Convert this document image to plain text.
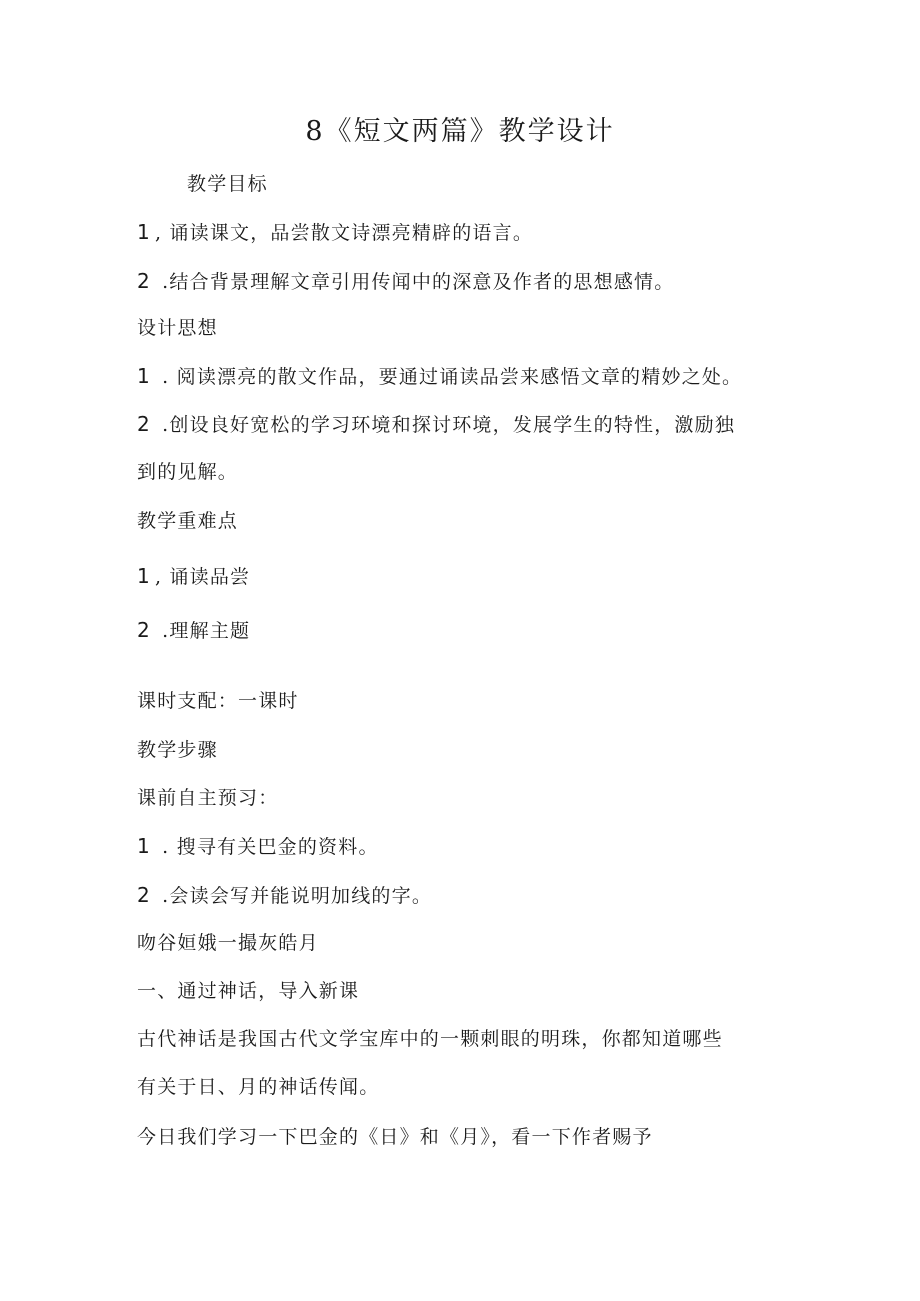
8《短文两篇》教学设计
教学目标
1 , 诵读课文，品尝散文诗漂亮精辟的语言。
2 .结合背景理解文章引用传闻中的深意及作者的思想感情。
设计思想
1 . 阅读漂亮的散文作品，要通过诵读品尝来感悟文章的精妙之处。
2 .创设良好宽松的学习环境和探讨环境，发展学生的特性，激励独
到的见解。
教学重难点
1 , 诵读品尝
2 .理解主题
课时支配：一课时
教学步骤
课前自主预习：
1 . 搜寻有关巴金的资料。
2 .会读会写并能说明加线的字。
吻谷姮娥一撮灰皓月
一、通过神话，导入新课
古代神话是我国古代文学宝库中的一颗刺眼的明珠，你都知道哪些
有关于日、月的神话传闻。
今日我们学习一下巴金的《日》和《月》，看一下作者赐予
